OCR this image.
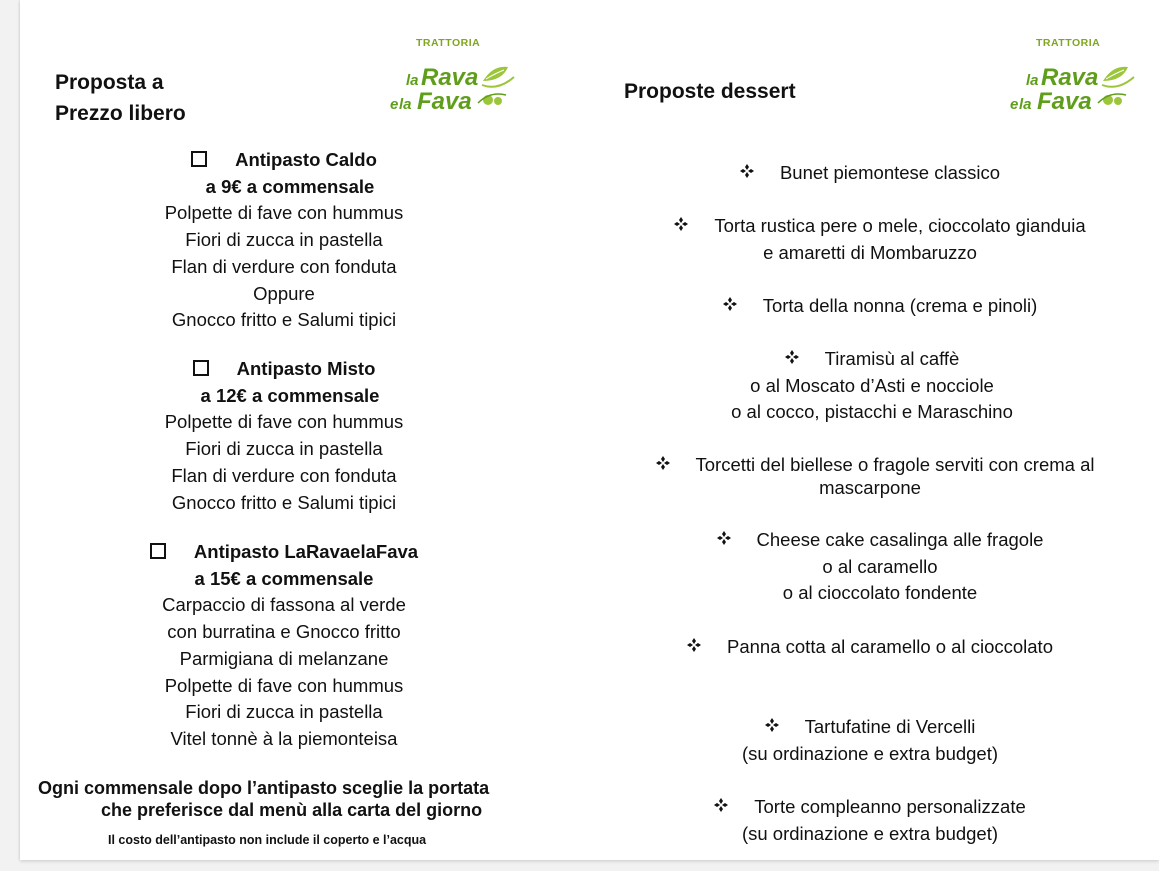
Proposta a
Prezzo libero
TRATTORIA
la Rava
e la Fava
Antipasto Caldo
a 9€ a commensale
Polpette di fave con hummus
Fiori di zucca in pastella
Flan di verdure con fonduta
Oppure
Gnocco fritto e Salumi tipici
Antipasto Misto
a 12€ a commensale
Polpette di fave con hummus
Fiori di zucca in pastella
Flan di verdure con fonduta
Gnocco fritto e Salumi tipici
Antipasto LaRavaelaFava
a 15€ a commensale
Carpaccio di fassona al verde
con burratina e Gnocco fritto
Parmigiana di melanzane
Polpette di fave con hummus
Fiori di zucca in pastella
Vitel tonnè à la piemonteisa
Ogni commensale dopo l’antipasto sceglie la portata
che preferisce dal menù alla carta del giorno
Il costo dell’antipasto non include il coperto e l’acqua
Proposte dessert
TRATTORIA
la Rava
e la Fava
Bunet piemontese classico
Torta rustica pere o mele, cioccolato gianduia
e amaretti di Mombaruzzo
Torta della nonna (crema e pinoli)
Tiramisù al caffè
o al Moscato d’Asti e nocciole
o al cocco, pistacchi e Maraschino
Torcetti del biellese o fragole serviti con crema al
mascarpone
Cheese cake casalinga alle fragole
o al caramello
o al cioccolato fondente
Panna cotta al caramello o al cioccolato
Tartufatine di Vercelli
(su ordinazione e extra budget)
Torte compleanno personalizzate
(su ordinazione e extra budget)
